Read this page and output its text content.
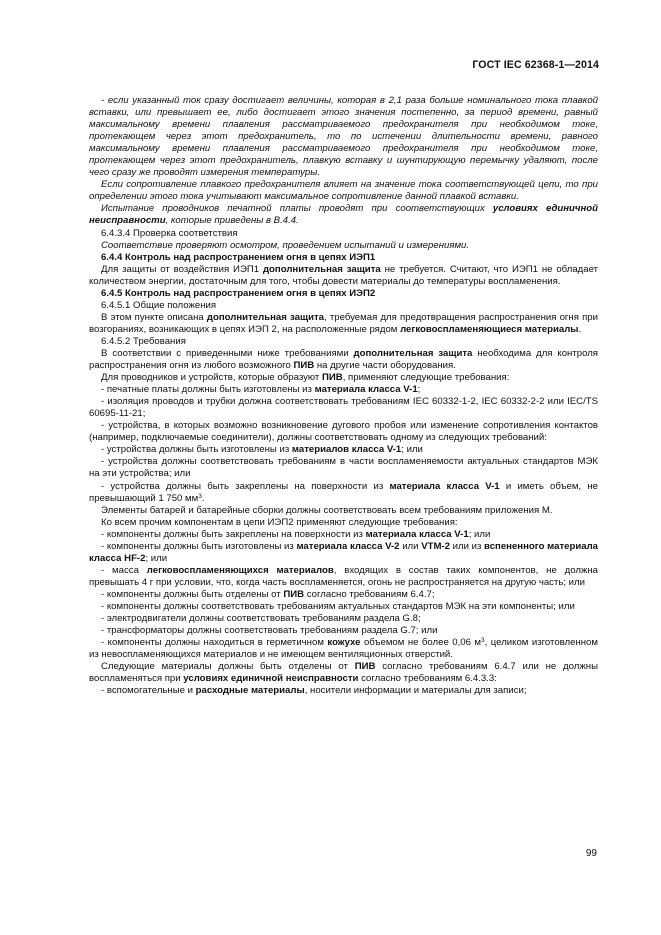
ГОСТ IEC 62368-1—2014

- если указанный ток сразу достигает величины, которая в 2,1 раза больше номинального тока плавкой вставки, или превышает ее, либо достигает этого значения постепенно, за период времени, равный максимальному времени плавления рассматриваемого предохранителя при необходимом токе, протекающем через этот предохранитель, то по истечении длительности времени, равного максимальному времени плавления рассматриваемого предохранителя при необходимом токе, протекающем через этот предохранитель, плавкую вставку и шунтирующую перемычку удаляют, после чего сразу же проводят измерения температуры.

Если сопротивление плавкого предохранителя влияет на значение тока соответствующей цепи, то при определении этого тока учитывают максимальное сопротивление данной плавкой вставки.

Испытание проводников печатной платы проводят при соответствующих условиях единичной неисправности, которые приведены в В.4.4.

6.4.3.4 Проверка соответствия

Соответствие проверяют осмотром, проведением испытаний и измерениями.

6.4.4 Контроль над распространением огня в цепях ИЭП1

Для защиты от воздействия ИЭП1 дополнительная защита не требуется. Считают, что ИЭП1 не обладает количеством энергии, достаточным для того, чтобы довести материалы до температуры воспламенения.

6.4.5 Контроль над распространением огня в цепях ИЭП2

6.4.5.1 Общие положения

В этом пункте описана дополнительная защита, требуемая для предотвращения распространения огня при возгораниях, возникающих в цепях ИЭП 2, на расположенные рядом легковоспламеняющиеся материалы.

6.4.5.2 Требования

В соответствии с приведенными ниже требованиями дополнительная защита необходима для контроля распространения огня из любого возможного ПИВ на другие части оборудования.

Для проводников и устройств, которые образуют ПИВ, применяют следующие требования:

- печатные платы должны быть изготовлены из материала класса V-1;

- изоляция проводов и трубки должна соответствовать требованиям IEC 60332-1-2, IEC 60332-2-2 или IEC/TS 60695-11-21;

- устройства, в которых возможно возникновение дугового пробоя или изменение сопротивления контактов (например, подключаемые соединители), должны соответствовать одному из следующих требований:

- устройства должны быть изготовлены из материалов класса V-1; или

- устройства должны соответствовать требованиям в части воспламеняемости актуальных стандартов МЭК на эти устройства; или

- устройства должны быть закреплены на поверхности из материала класса V-1 и иметь объем, не превышающий 1 750 $мм^3$.

Элементы батарей и батарейные сборки должны соответствовать всем требованиям приложения М.

Ко всем прочим компонентам в цепи ИЭП2 применяют следующие требования:

- компоненты должны быть закреплены на поверхности из материала класса V-1; или

- компоненты должны быть изготовлены из материала класса V-2 или VTM-2 или из вспененного материала класса HF-2; или

- масса легковоспламеняющихся материалов, входящих в состав таких компонентов, не должна превышать 4 г при условии, что, когда часть воспламеняется, огонь не распространяется на другую часть; или

- компоненты должны быть отделены от ПИВ согласно требованиям 6.4.7;

- компоненты должны соответствовать требованиям актуальных стандартов МЭК на эти компоненты; или

- электродвигатели должны соответствовать требованиям раздела G.8;

- трансформаторы должны соответствовать требованиям раздела G.7; или

- компоненты должны находиться в герметичном кожухе объемом не более 0,06 $м^3$, целиком изготовленном из невоспламеняющихся материалов и не имеющем вентиляционных отверстий.

Следующие материалы должны быть отделены от ПИВ согласно требованиям 6.4.7 или не должны воспламеняться при условиях единичной неисправности согласно требованиям 6.4.3.3:

- вспомогательные и расходные материалы, носители информации и материалы для записи;

99
